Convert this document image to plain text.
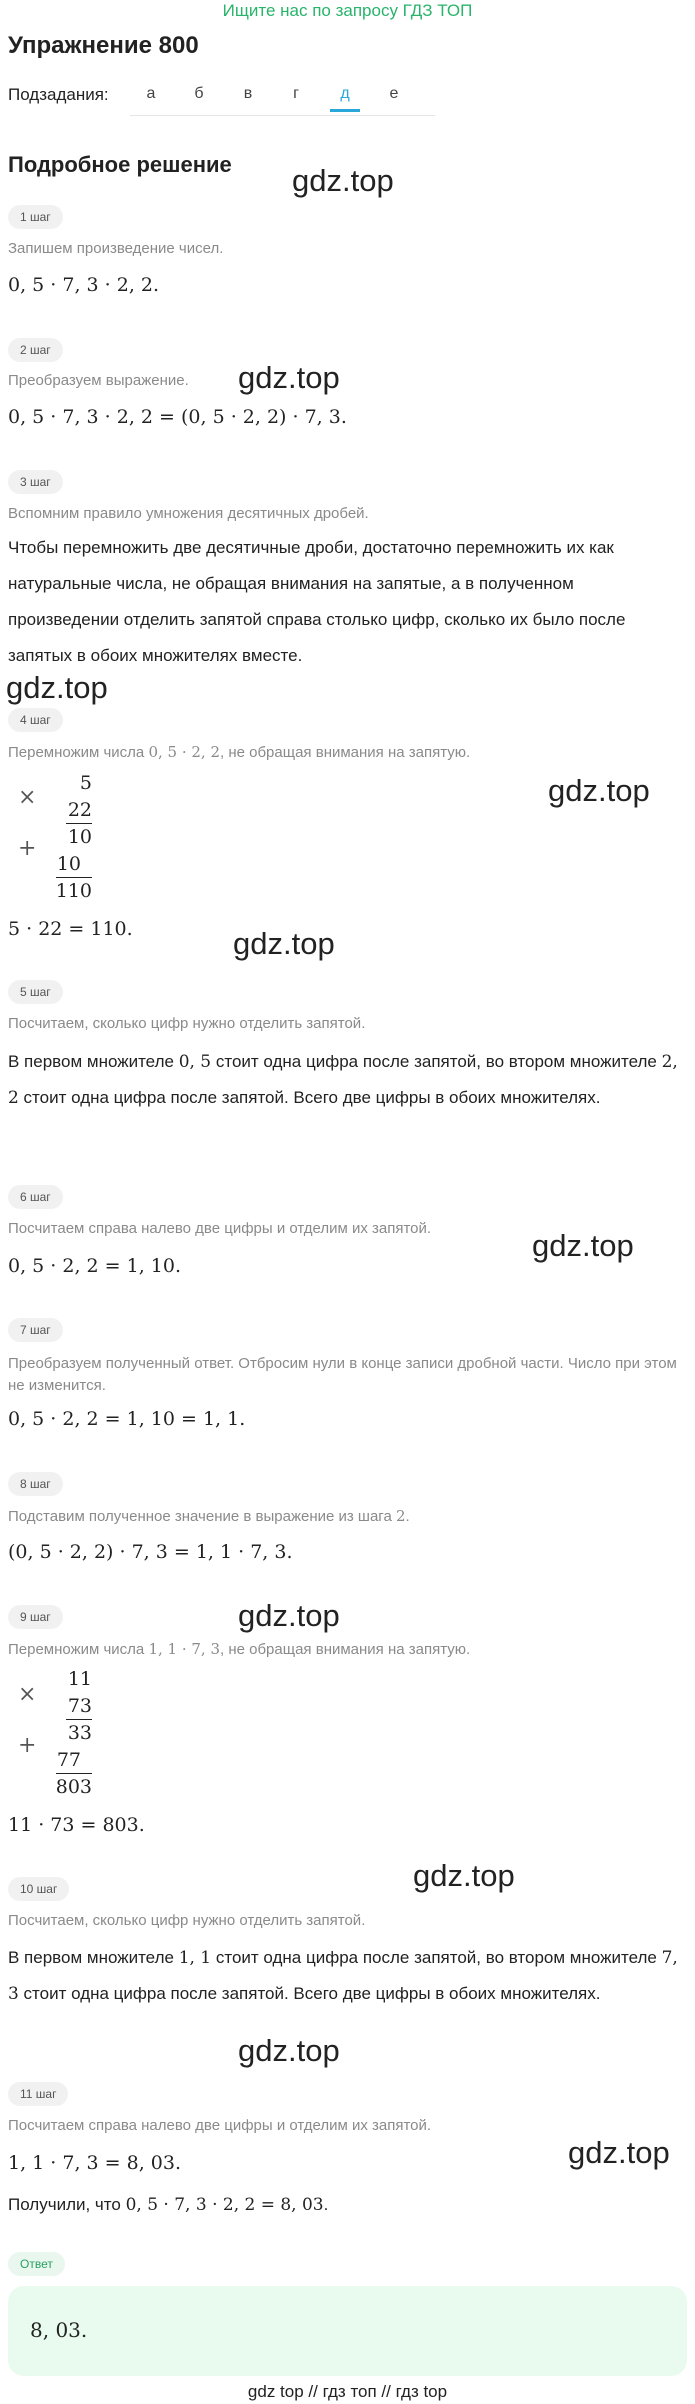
Ищите нас по запросу ГДЗ ТОП
Упражнение 800
Подзадания:	а	б	в	г	д	е
Подробное решение gdz.top
gdz.top
gdz.top
gdz.top
gdz.top
gdz.top
gdz.top
gdz.top
gdz.top
gdz.top
1 шаг
Запишем произведение чисел.
0, 5 · 7, 3 · 2, 2.
2 шаг
Преобразуем выражение.
0, 5 · 7, 3 · 2, 2 = (0, 5 · 2, 2) · 7, 3.
3 шаг
Вспомним правило умножения десятичных дробей.
Чтобы перемножить две десятичные дроби, достаточно перемножить их как натуральные числа, не обращая внимания на запятые, а в полученном произведении отделить запятой справа столько цифр, сколько их было после запятых в обоих множителях вместе.
4 шаг
Перемножим числа 0, 5 · 2, 2, не обращая внимания на запятую.
×
+
5
22
10
10
110
5 · 22 = 110.
5 шаг
Посчитаем, сколько цифр нужно отделить запятой.
В первом множителе 0, 5 стоит одна цифра после запятой, во втором множителе 2, 2 стоит одна цифра после запятой. Всего две цифры в обоих множителях.
6 шаг
Посчитаем справа налево две цифры и отделим их запятой.
0, 5 · 2, 2 = 1, 10.
7 шаг
Преобразуем полученный ответ. Отбросим нули в конце записи дробной части. Число при этом не изменится.
0, 5 · 2, 2 = 1, 10 = 1, 1.
8 шаг
Подставим полученное значение в выражение из шага 2.
(0, 5 · 2, 2) · 7, 3 = 1, 1 · 7, 3.
9 шаг
Перемножим числа 1, 1 · 7, 3, не обращая внимания на запятую.
×
+
11
73
33
77
803
11 · 73 = 803.
10 шаг
Посчитаем, сколько цифр нужно отделить запятой.
В первом множителе 1, 1 стоит одна цифра после запятой, во втором множителе 7, 3 стоит одна цифра после запятой. Всего две цифры в обоих множителях.
11 шаг
Посчитаем справа налево две цифры и отделим их запятой.
1, 1 · 7, 3 = 8, 03.
Получили, что 0, 5 · 7, 3 · 2, 2 = 8, 03.
Ответ
8, 03.
gdz top // гдз топ // гдз top
